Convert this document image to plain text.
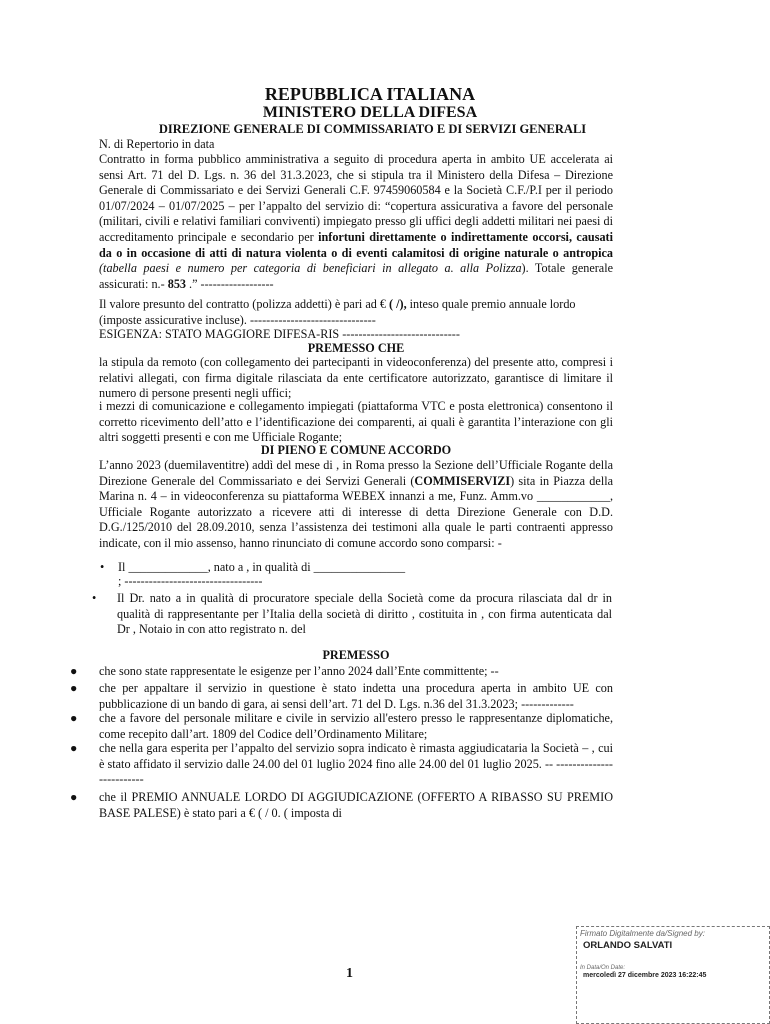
REPUBBLICA ITALIANA
MINISTERO DELLA DIFESA
DIREZIONE GENERALE DI COMMISSARIATO E DI SERVIZI GENERALI
N. di Repertorio in data
Contratto in forma pubblico amministrativa a seguito di procedura aperta in ambito UE accelerata ai sensi Art. 71 del D. Lgs. n. 36 del 31.3.2023, che si stipula tra il Ministero della Difesa – Direzione Generale di Commissariato e dei Servizi Generali C.F. 97459060584 e la Società C.F./P.I per il periodo 01/07/2024 – 01/07/2025 – per l’appalto del servizio di: “copertura assicurativa a favore del personale (militari, civili e relativi familiari conviventi) impiegato presso gli uffici degli addetti militari nei paesi di accreditamento principale e secondario per infortuni direttamente o indirettamente occorsi, causati da o in occasione di atti di natura violenta o di eventi calamitosi di origine naturale o antropica (tabella paesi e numero per categoria di beneficiari in allegato a. alla Polizza). Totale generale assicurati: n.- 853 .” ------------------
Il valore presunto del contratto (polizza addetti) è pari ad € ( /), inteso quale premio annuale lordo (imposte assicurative incluse). -------------------------------
ESIGENZA: STATO MAGGIORE DIFESA-RIS -----------------------------
PREMESSO CHE
la stipula da remoto (con collegamento dei partecipanti in videoconferenza) del presente atto, compresi i relativi allegati, con firma digitale rilasciata da ente certificatore autorizzato, garantisce di limitare il numero di persone presenti negli uffici;
i mezzi di comunicazione e collegamento impiegati (piattaforma VTC e posta elettronica) consentono il corretto ricevimento dell’atto e l’identificazione dei comparenti, ai quali è garantita l’interazione con gli altri soggetti presenti e con me Ufficiale Rogante;
DI PIENO E COMUNE ACCORDO
L’anno 2023 (duemilaventitre) addì del mese di , in Roma presso la Sezione dell’Ufficiale Rogante della Direzione Generale del Commissariato e dei Servizi Generali (COMMISERVIZI) sita in Piazza della Marina n. 4 – in videoconferenza su piattaforma WEBEX innanzi a me, Funz. Amm.vo ____________, Ufficiale Rogante autorizzato a ricevere atti di interesse di detta Direzione Generale con D.D. D.G./125/2010 del 28.09.2010, senza l’assistenza dei testimoni alla quale le parti contraenti appresso indicate, con il mio assenso, hanno rinunciato di comune accordo sono comparsi: -
• Il _____________, nato a , in qualità di _______________
; ----------------------------------
• Il Dr. nato a in qualità di procuratore speciale della Società come da procura rilasciata dal dr in qualità di rappresentante per l’Italia della società di diritto , costituita in , con firma autenticata dal Dr , Notaio in con atto registrato n. del
PREMESSO
●	che sono state rappresentate le esigenze per l’anno 2024 dall’Ente committente; --
●	che per appaltare il servizio in questione è stato indetta una procedura aperta in ambito UE con pubblicazione di un bando di gara, ai sensi dell’art. 71 del D. Lgs. n.36 del 31.3.2023; -------------
●	che a favore del personale militare e civile in servizio all'estero presso le rappresentanze diplomatiche, come recepito dall’art. 1809 del Codice dell’Ordinamento Militare;
●	che nella gara esperita per l’appalto del servizio sopra indicato è rimasta aggiudicataria la Società – , cui è stato affidato il servizio dalle 24.00 del 01 luglio 2024 fino alle 24.00 del 01 luglio 2025. -- -------------------------
●	che il PREMIO ANNUALE LORDO DI AGGIUDICAZIONE (OFFERTO A RIBASSO SU PREMIO BASE PALESE) è stato pari a € ( / 0. ( imposta di
1
Firmato Digitalmente da/Signed by:
ORLANDO SALVATI
In Data/On Date:
mercoledì 27 dicembre 2023 16:22:45
